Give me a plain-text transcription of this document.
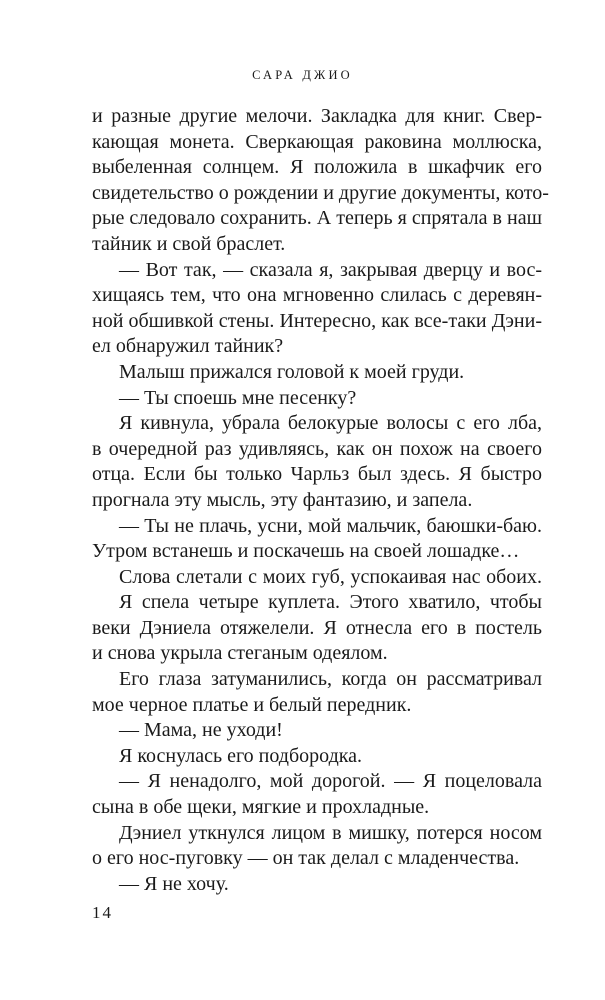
САРА ДЖИО
и разные другие мелочи. Закладка для книг. Свер-
кающая монета. Сверкающая раковина моллюска,
выбеленная солнцем. Я положила в шкафчик его
свидетельство о рождении и другие документы, кото-
рые следовало сохранить. А теперь я спрятала в наш
тайник и свой браслет.
— Вот так, — сказала я, закрывая дверцу и вос-
хищаясь тем, что она мгновенно слилась с деревян-
ной обшивкой стены. Интересно, как все-таки Дэни-
ел обнаружил тайник?
Малыш прижался головой к моей груди.
— Ты споешь мне песенку?
Я кивнула, убрала белокурые волосы с его лба,
в очередной раз удивляясь, как он похож на своего
отца. Если бы только Чарльз был здесь. Я быстро
прогнала эту мысль, эту фантазию, и запела.
— Ты не плачь, усни, мой мальчик, баюшки-баю.
Утром встанешь и поскачешь на своей лошадке…
Слова слетали с моих губ, успокаивая нас обоих.
Я спела четыре куплета. Этого хватило, чтобы
веки Дэниела отяжелели. Я отнесла его в постель
и снова укрыла стеганым одеялом.
Его глаза затуманились, когда он рассматривал
мое черное платье и белый передник.
— Мама, не уходи!
Я коснулась его подбородка.
— Я ненадолго, мой дорогой. — Я поцеловала
сына в обе щеки, мягкие и прохладные.
Дэниел уткнулся лицом в мишку, потерся носом
о его нос-пуговку — он так делал с младенчества.
— Я не хочу.
14
